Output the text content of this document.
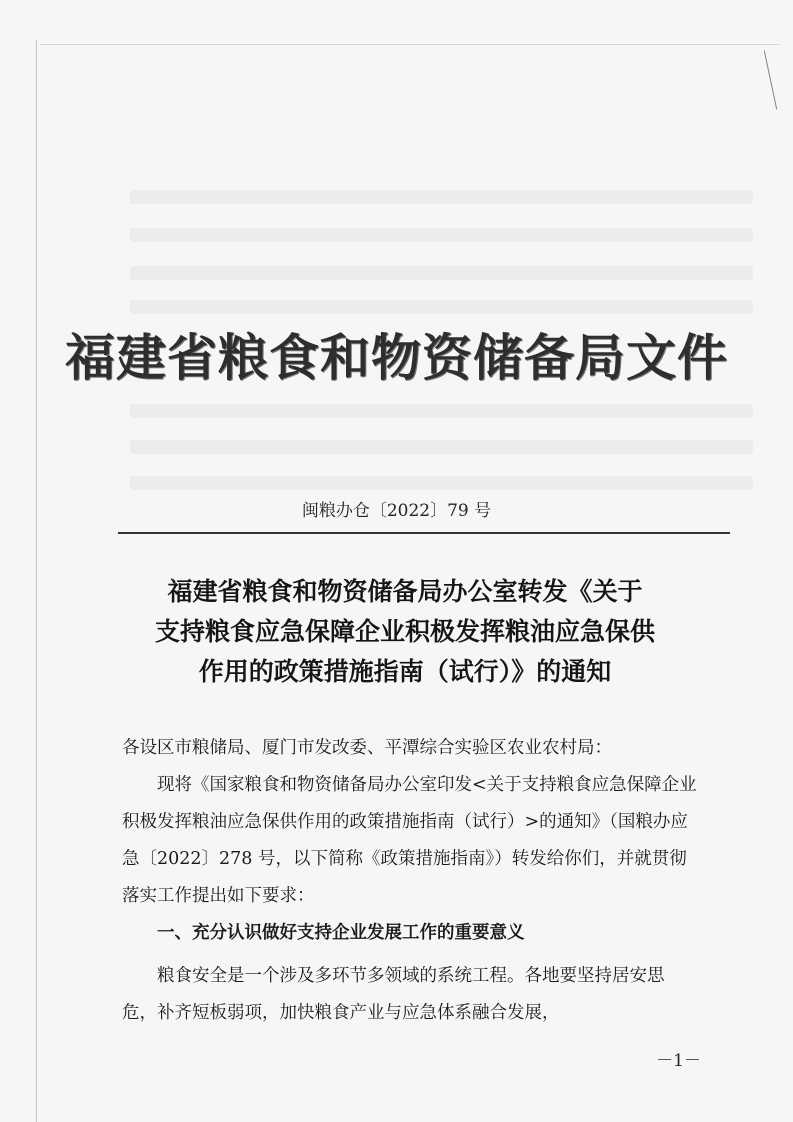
福建省粮食和物资储备局文件
闽粮办仓〔2022〕79 号
福建省粮食和物资储备局办公室转发《关于
支持粮食应急保障企业积极发挥粮油应急保供
作用的政策措施指南（试行）》的通知

各设区市粮储局、厦门市发改委、平潭综合实验区农业农村局：

现将《国家粮食和物资储备局办公室印发<关于支持粮食应急保障企业积极发挥粮油应急保供作用的政策措施指南（试行）>的通知》（国粮办应急〔2022〕278 号，以下简称《政策措施指南》）转发给你们，并就贯彻落实工作提出如下要求：

一、充分认识做好支持企业发展工作的重要意义

粮食安全是一个涉及多环节多领域的系统工程。各地要坚持居安思危，补齐短板弱项，加快粮食产业与应急体系融合发展，

－1－
